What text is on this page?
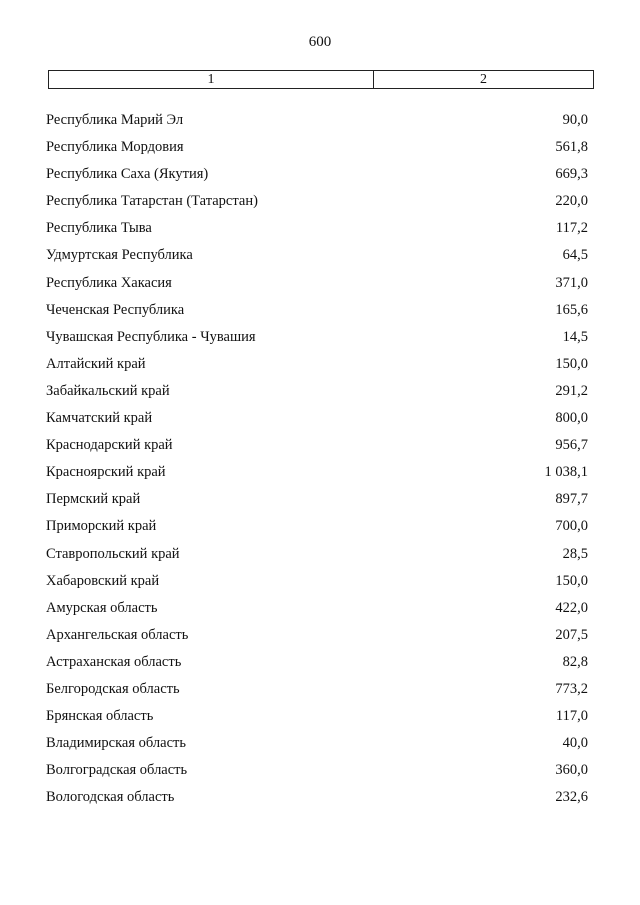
600
1	2
Республика Марий Эл	90,0
Республика Мордовия	561,8
Республика Саха (Якутия)	669,3
Республика Татарстан (Татарстан)	220,0
Республика Тыва	117,2
Удмуртская Республика	64,5
Республика Хакасия	371,0
Чеченская Республика	165,6
Чувашская Республика - Чувашия	14,5
Алтайский край	150,0
Забайкальский край	291,2
Камчатский край	800,0
Краснодарский край	956,7
Красноярский край	1 038,1
Пермский край	897,7
Приморский край	700,0
Ставропольский край	28,5
Хабаровский край	150,0
Амурская область	422,0
Архангельская область	207,5
Астраханская область	82,8
Белгородская область	773,2
Брянская область	117,0
Владимирская область	40,0
Волгоградская область	360,0
Вологодская область	232,6
